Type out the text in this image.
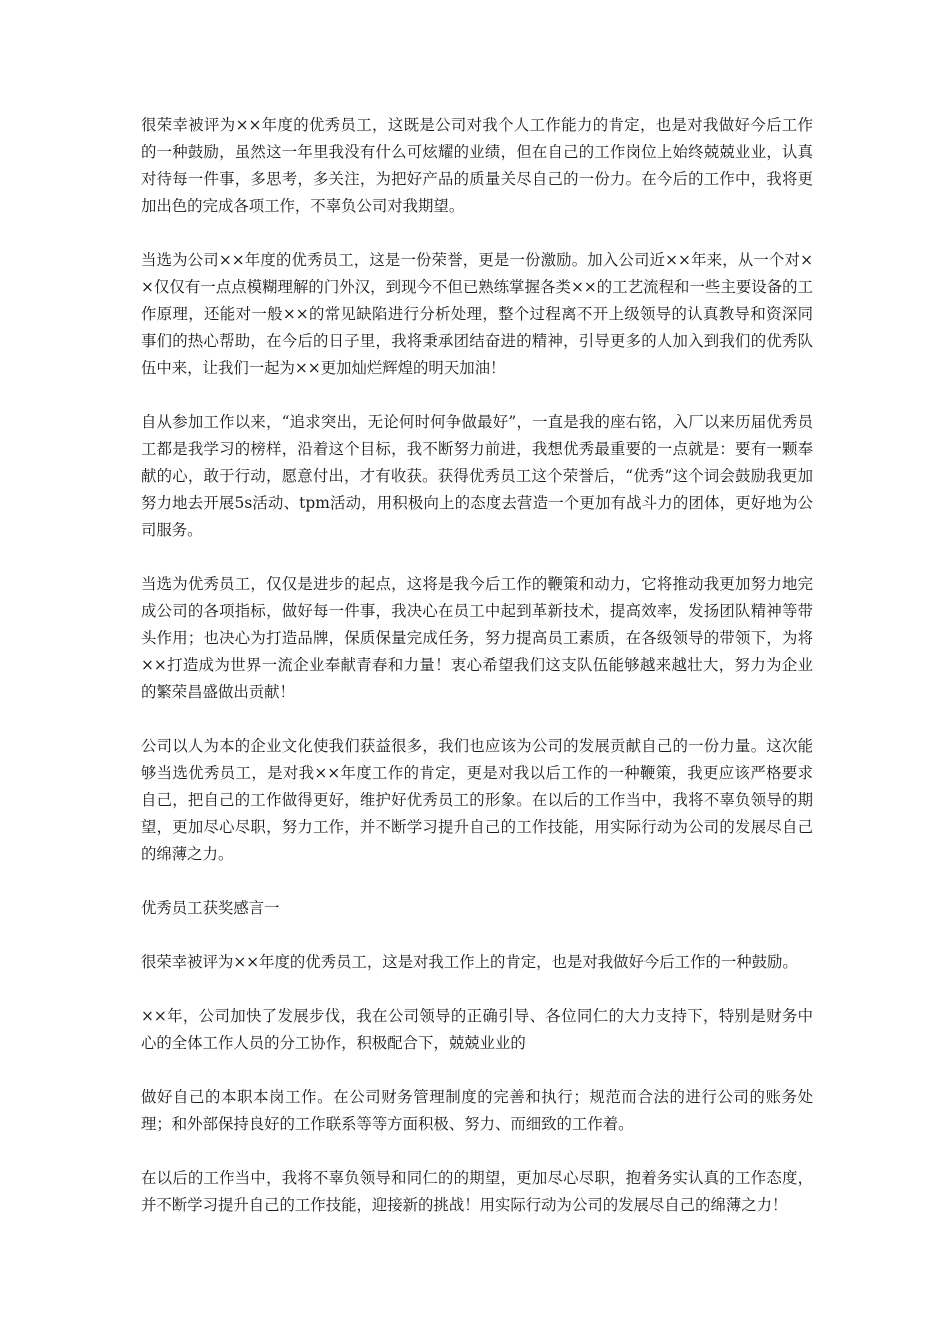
很荣幸被评为××年度的优秀员工，这既是公司对我个人工作能力的肯定，也是对我做好今后工作的一种鼓励，虽然这一年里我没有什么可炫耀的业绩，但在自己的工作岗位上始终兢兢业业，认真对待每一件事，多思考，多关注，为把好产品的质量关尽自己的一份力。在今后的工作中，我将更加出色的完成各项工作，不辜负公司对我期望。

当选为公司××年度的优秀员工，这是一份荣誉，更是一份激励。加入公司近××年来，从一个对××仅仅有一点点模糊理解的门外汉，到现今不但已熟练掌握各类××的工艺流程和一些主要设备的工作原理，还能对一般××的常见缺陷进行分析处理，整个过程离不开上级领导的认真教导和资深同事们的热心帮助，在今后的日子里，我将秉承团结奋进的精神，引导更多的人加入到我们的优秀队伍中来，让我们一起为××更加灿烂辉煌的明天加油！

自从参加工作以来，“追求突出，无论何时何争做最好”，一直是我的座右铭，入厂以来历届优秀员工都是我学习的榜样，沿着这个目标，我不断努力前进，我想优秀最重要的一点就是：要有一颗奉献的心，敢于行动，愿意付出，才有收获。获得优秀员工这个荣誉后，“优秀”这个词会鼓励我更加努力地去开展5s活动、tpm活动，用积极向上的态度去营造一个更加有战斗力的团体，更好地为公司服务。

当选为优秀员工，仅仅是进步的起点，这将是我今后工作的鞭策和动力，它将推动我更加努力地完成公司的各项指标，做好每一件事，我决心在员工中起到革新技术，提高效率，发扬团队精神等带头作用；也决心为打造品牌，保质保量完成任务，努力提高员工素质，在各级领导的带领下，为将××打造成为世界一流企业奉献青春和力量！衷心希望我们这支队伍能够越来越壮大，努力为企业的繁荣昌盛做出贡献！

公司以人为本的企业文化使我们获益很多，我们也应该为公司的发展贡献自己的一份力量。这次能够当选优秀员工，是对我××年度工作的肯定，更是对我以后工作的一种鞭策，我更应该严格要求自己，把自己的工作做得更好，维护好优秀员工的形象。在以后的工作当中，我将不辜负领导的期望，更加尽心尽职，努力工作，并不断学习提升自己的工作技能，用实际行动为公司的发展尽自己的绵薄之力。

优秀员工获奖感言一

很荣幸被评为××年度的优秀员工，这是对我工作上的肯定，也是对我做好今后工作的一种鼓励。

××年，公司加快了发展步伐，我在公司领导的正确引导、各位同仁的大力支持下，特别是财务中心的全体工作人员的分工协作，积极配合下，兢兢业业的

做好自己的本职本岗工作。在公司财务管理制度的完善和执行；规范而合法的进行公司的账务处理；和外部保持良好的工作联系等等方面积极、努力、而细致的工作着。

在以后的工作当中，我将不辜负领导和同仁的的期望，更加尽心尽职，抱着务实认真的工作态度，并不断学习提升自己的工作技能，迎接新的挑战！用实际行动为公司的发展尽自己的绵薄之力！
